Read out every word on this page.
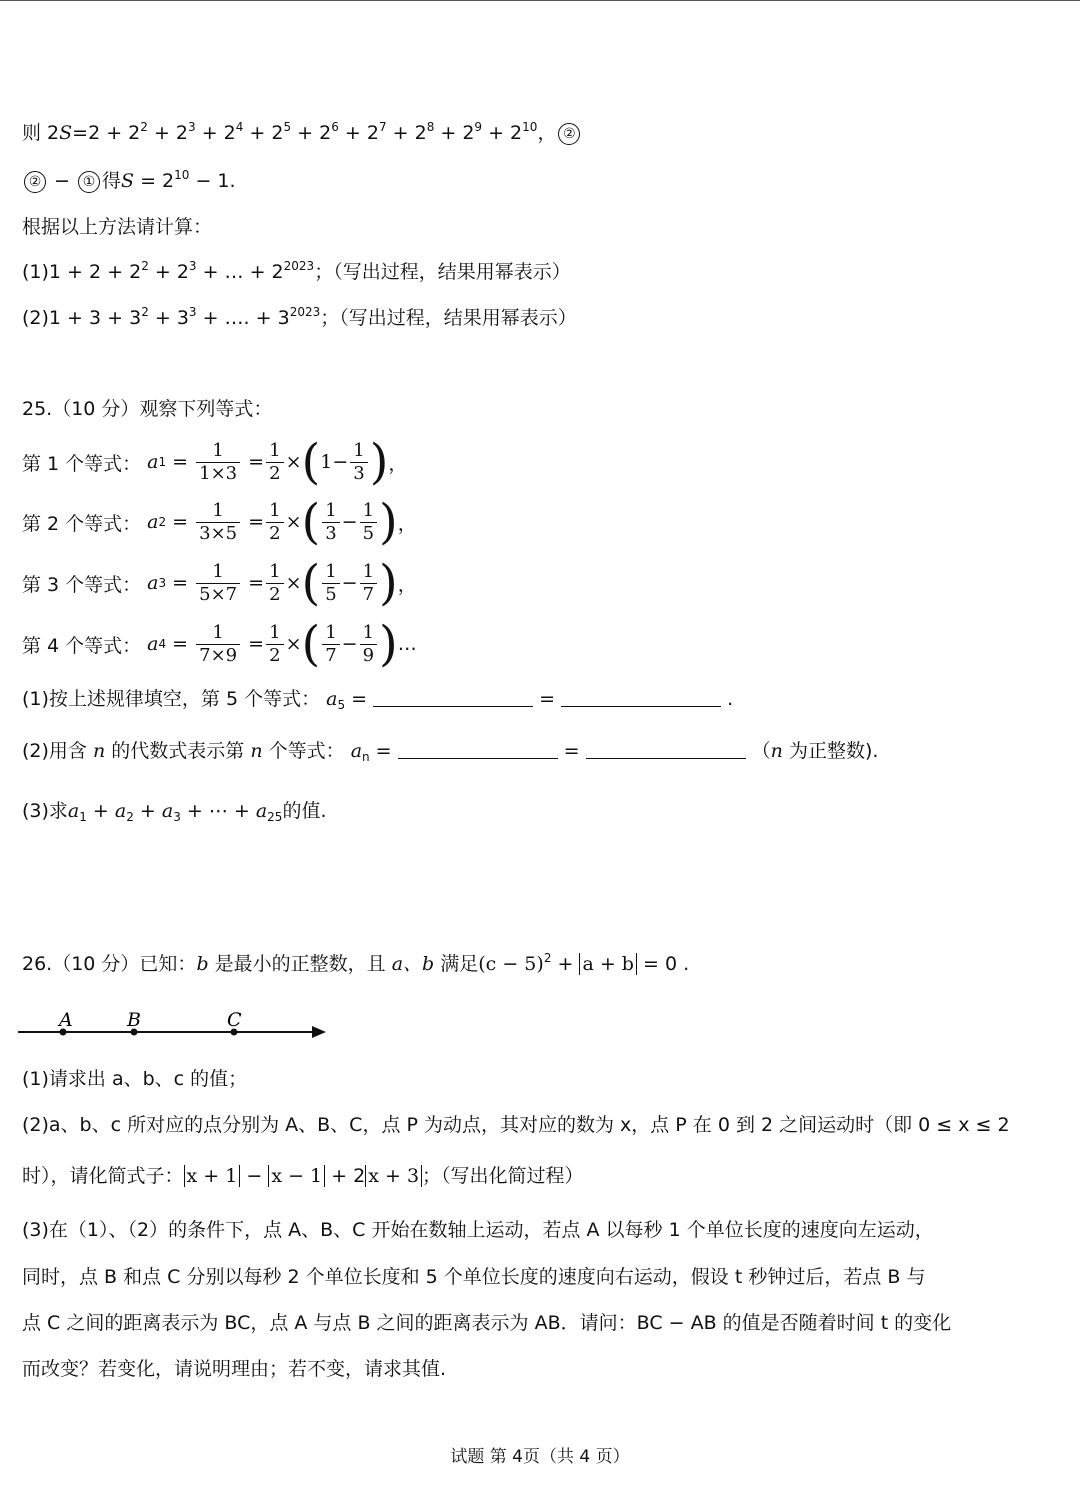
则 $2S=2 + 2^2 + 2^3 + 2^4 + 2^5 + 2^6 + 2^7 + 2^8 + 2^9 + 2^{10}$， ②
② − ① 得$S = 2^{10} - 1$.
根据以上方法请计算：
$(1)1 + 2 + 2^2 + 2^3$ + … + $2^{2023}$；（写出过程，结果用幂表示）
$(2)1 + 3 + 3^2 + 3^3$ + …. + $3^{2023}$；（写出过程，结果用幂表示）
25.（10 分）观察下列等式：
第 1 个等式： a $1 = \frac{1}{1\times 3} = \frac{1}{2}$ × ( $1 - \frac{1}{3}$ ) ，
第 2 个等式： a $2 = \frac{1}{3\times 5} = \frac{1}{2}$ × ( $\frac{1}{3} - \frac{1}{5}$ ) ，
第 3 个等式： a $3 = \frac{1}{5\times 7} = \frac{1}{2}$ × ( $\frac{1}{5} - \frac{1}{7}$ ) ，
第 4 个等式： a $4 = \frac{1}{7\times 9} = \frac{1}{2}$ × ( $\frac{1}{7} - \frac{1}{9}$ ) …
(1)按上述规律填空，第 5 个等式： $a_5$ =	=	.
(2)用含 n 的代数式表示第 n 个等式： $a_n$ =	=	（n 为正整数).
(3)求$a_1 + a_2 + a_3$ + ⋯ + $a_{25}$的值.
26.（10 分）已知：b 是最小的正整数，且 a、b 满足$(c - 5)^2 + a + b = 0$ .
A	B	C
(1)请求出 a、b、c 的值；
(2)a、b、c 所对应的点分别为 A、B、C，点 P 为动点，其对应的数为 x，点 P 在 0 到 2 之间运动时（即 0 ≤ x ≤ 2
时），请化简式子： x + 1 − x − 1 + 2 x + 3 ；（写出化简过程）
(3)在（1）、（2）的条件下，点 A、B、C 开始在数轴上运动，若点 A 以每秒 1 个单位长度的速度向左运动，
同时，点 B 和点 C 分别以每秒 2 个单位长度和 5 个单位长度的速度向右运动，假设 t 秒钟过后，若点 B 与
点 C 之间的距离表示为 BC，点 A 与点 B 之间的距离表示为 AB．请问：BC − AB 的值是否随着时间 t 的变化
而改变？若变化，请说明理由；若不变，请求其值.
试题 第 4页（共 4 页）
